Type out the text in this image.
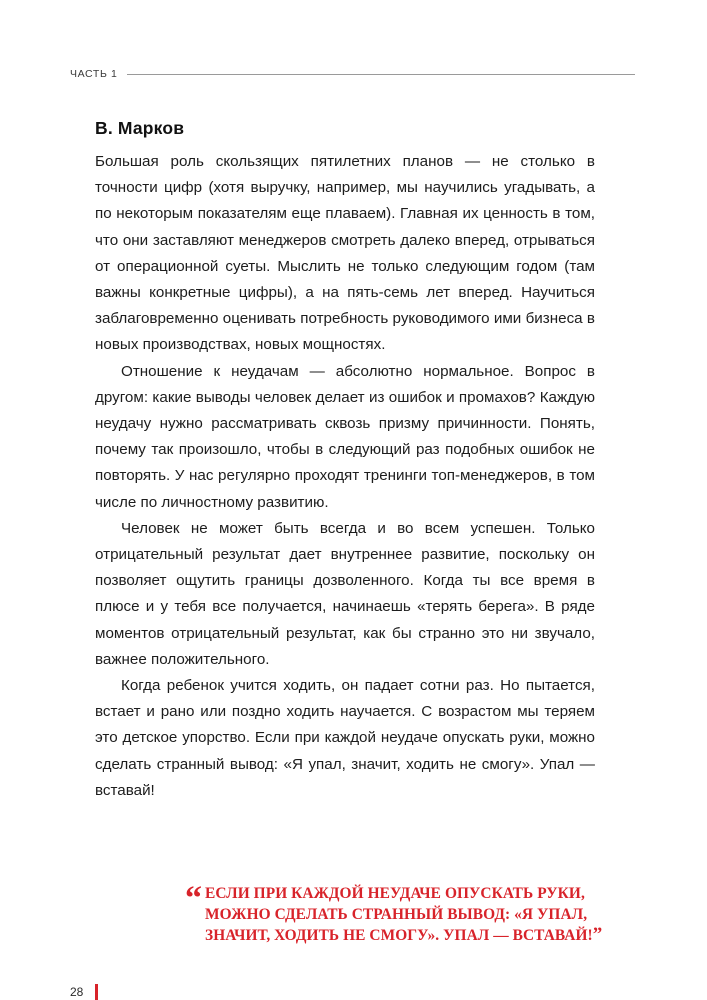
ЧАСТЬ 1
В. Марков

Большая роль скользящих пятилетних планов — не столько в точности цифр (хотя выручку, например, мы научились угадывать, а по некоторым показателям еще плаваем). Главная их ценность в том, что они заставляют менеджеров смотреть далеко вперед, отрываться от операционной суеты. Мыслить не только следующим годом (там важны конкретные цифры), а на пять-семь лет вперед. Научиться заблаговременно оценивать потребность руководимого ими бизнеса в новых производствах, новых мощностях.

Отношение к неудачам — абсолютно нормальное. Вопрос в другом: какие выводы человек делает из ошибок и промахов? Каждую неудачу нужно рассматривать сквозь призму причинности. Понять, почему так произошло, чтобы в следующий раз подобных ошибок не повторять. У нас регулярно проходят тренинги топ-менеджеров, в том числе по личностному развитию.

Человек не может быть всегда и во всем успешен. Только отрицательный результат дает внутреннее развитие, поскольку он позволяет ощутить границы дозволенного. Когда ты все время в плюсе и у тебя все получается, начинаешь «терять берега». В ряде моментов отрицательный результат, как бы странно это ни звучало, важнее положительного.

Когда ребенок учится ходить, он падает сотни раз. Но пытается, встает и рано или поздно ходить научается. С возрастом мы теряем это детское упорство. Если при каждой неудаче опускать руки, можно сделать странный вывод: «Я упал, значит, ходить не смогу». Упал — вставай!

“ ЕСЛИ ПРИ КАЖДОЙ НЕУДАЧЕ ОПУСКАТЬ РУКИ, МОЖНО СДЕЛАТЬ СТРАННЫЙ ВЫВОД: «Я УПАЛ, ЗНАЧИТ, ХОДИТЬ НЕ СМОГУ». УПАЛ — ВСТАВАЙ!”
28
